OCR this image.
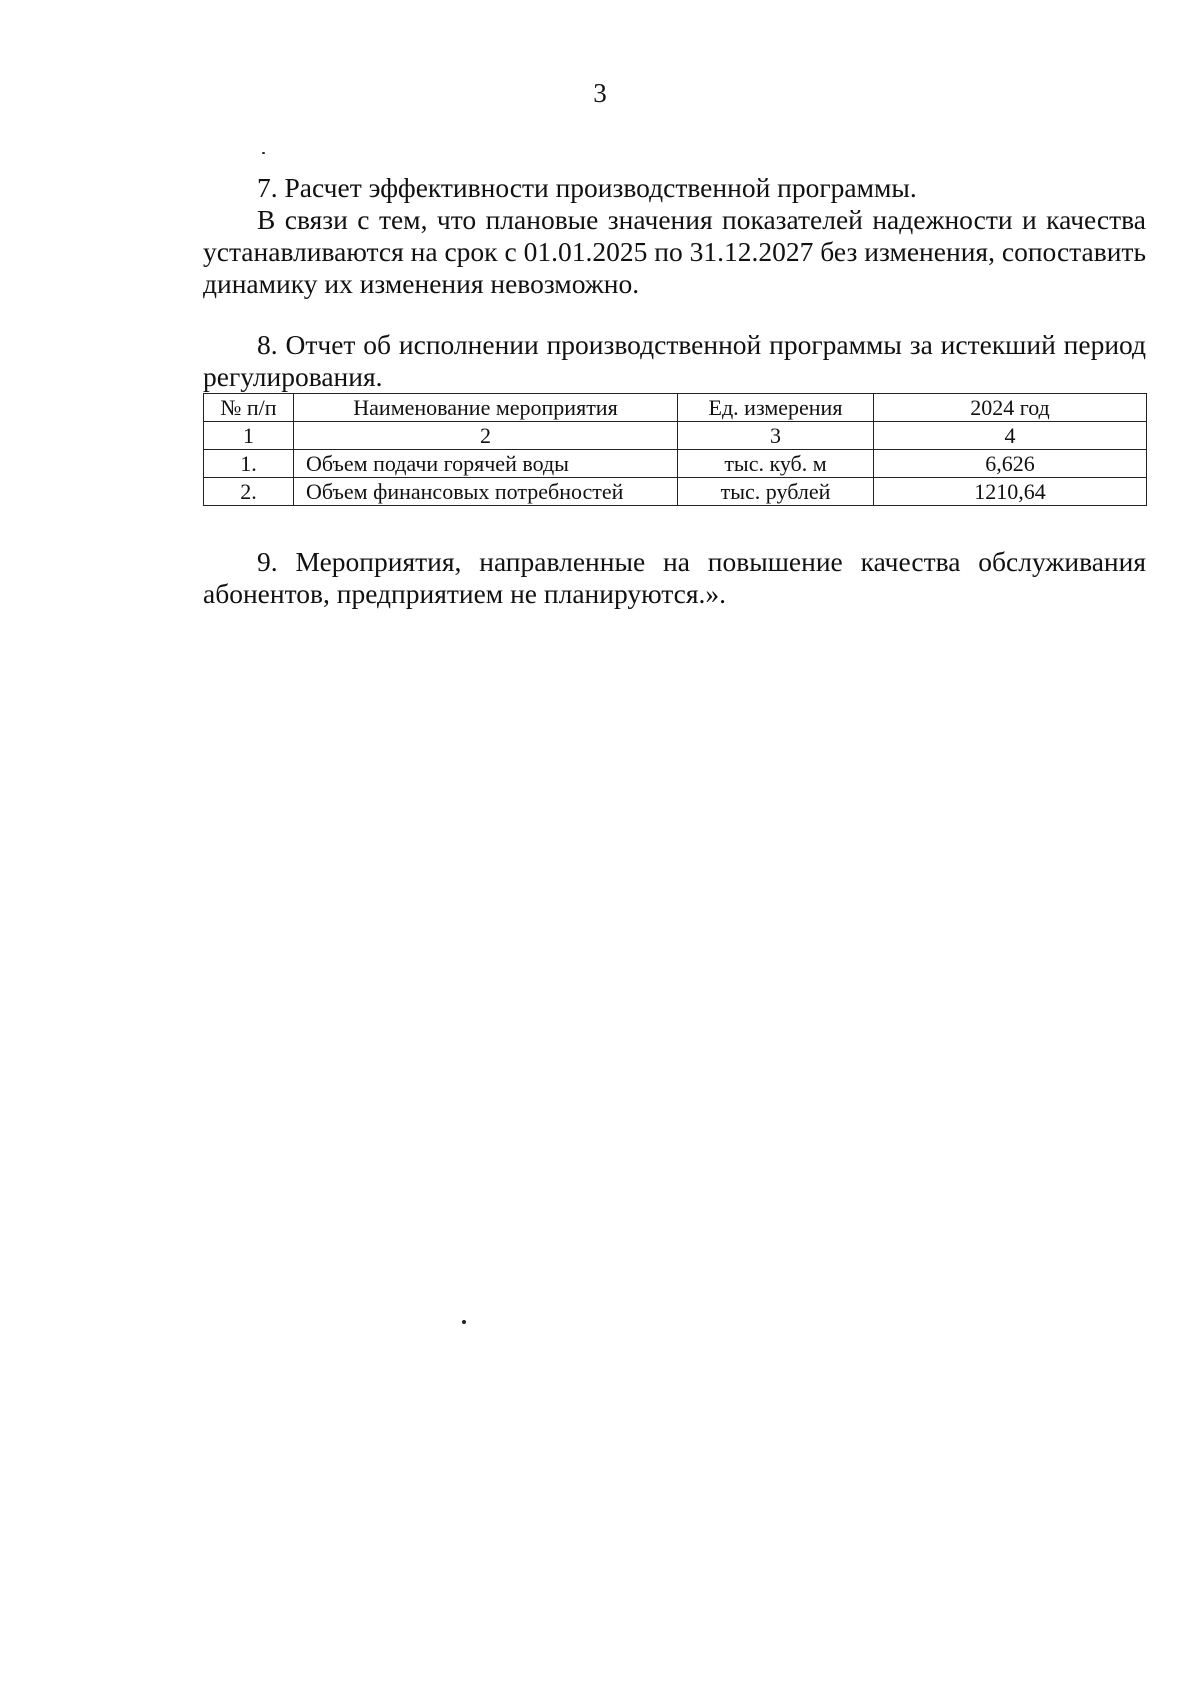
3

7. Расчет эффективности производственной программы.

В связи с тем, что плановые значения показателей надежности и качества устанавливаются на срок с 01.01.2025 по 31.12.2027 без изменения, сопоставить динамику их изменения невозможно.

8. Отчет об исполнении производственной программы за истекший период регулирования.

№ п/п	Наименование мероприятия	Ед. измерения	2024 год
1	2	3	4
1.	Объем подачи горячей воды	тыс. куб. м	6,626
2.	Объем финансовых потребностей	тыс. рублей	1210,64

9. Мероприятия, направленные на повышение качества обслуживания абонентов, предприятием не планируются.».
